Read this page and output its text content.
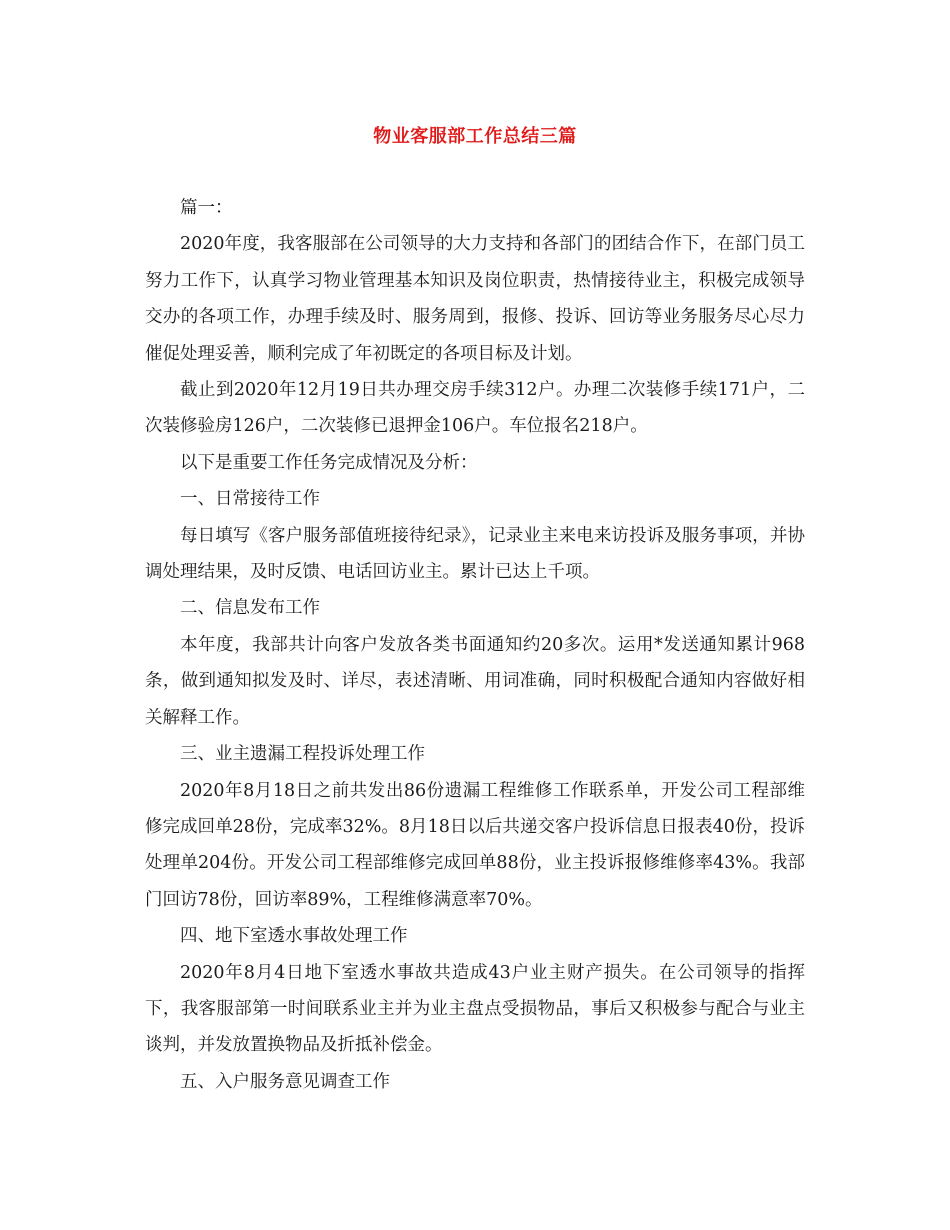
物业客服部工作总结三篇

篇一：

2020年度，我客服部在公司领导的大力支持和各部门的团结合作下，在部门员工努力工作下，认真学习物业管理基本知识及岗位职责，热情接待业主，积极完成领导交办的各项工作，办理手续及时、服务周到，报修、投诉、回访等业务服务尽心尽力催促处理妥善，顺利完成了年初既定的各项目标及计划。

截止到2020年12月19日共办理交房手续312户。办理二次装修手续171户，二次装修验房126户，二次装修已退押金106户。车位报名218户。

以下是重要工作任务完成情况及分析：

一、日常接待工作

每日填写《客户服务部值班接待纪录》，记录业主来电来访投诉及服务事项，并协调处理结果，及时反馈、电话回访业主。累计已达上千项。

二、信息发布工作

本年度，我部共计向客户发放各类书面通知约20多次。运用*发送通知累计968条，做到通知拟发及时、详尽，表述清晰、用词准确，同时积极配合通知内容做好相关解释工作。

三、业主遗漏工程投诉处理工作

2020年8月18日之前共发出86份遗漏工程维修工作联系单，开发公司工程部维修完成回单28份，完成率32%。8月18日以后共递交客户投诉信息日报表40份，投诉处理单204份。开发公司工程部维修完成回单88份，业主投诉报修维修率43%。我部门回访78份，回访率89%，工程维修满意率70%。

四、地下室透水事故处理工作

2020年8月4日地下室透水事故共造成43户业主财产损失。在公司领导的指挥下，我客服部第一时间联系业主并为业主盘点受损物品，事后又积极参与配合与业主谈判，并发放置换物品及折抵补偿金。

五、入户服务意见调查工作
